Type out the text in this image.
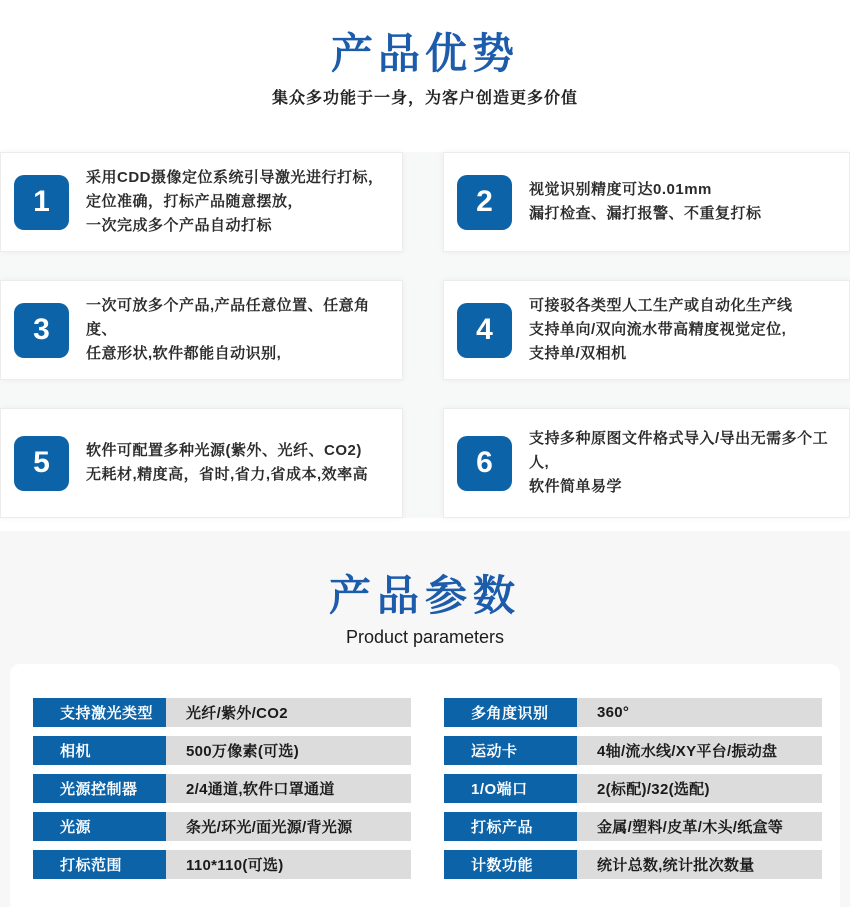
产品优势
集众多功能于一身，为客户创造更多价值
1
采用CDD摄像定位系统引导激光进行打标，
定位准确，打标产品随意摆放，
一次完成多个产品自动打标
2	视觉识别精度可达0.01mm
漏打检查、漏打报警、不重复打标
3
一次可放多个产品,产品任意位置、任意角度、
任意形状,软件都能自动识别,
4
可接驳各类型人工生产或自动化生产线
支持单向/双向流水带高精度视觉定位,
支持单/双相机
5	软件可配置多种光源(紫外、光纤、CO2)
无耗材,精度高，省时,省力,省成本,效率高	6
支持多种原图文件格式导入/导出无需多个工人,
软件简单易学
产品参数
Product parameters
支持激光类型	光纤/紫外/CO2
相机	500万像素(可选)
光源控制器	2/4通道,软件口罩通道
光源	条光/环光/面光源/背光源
打标范围	110*110(可选)
多角度识别	360°
运动卡	4轴/流水线/XY平台/振动盘
1/O端口	2(标配)/32(选配)
打标产品	金属/塑料/皮革/木头/纸盒等
计数功能	统计总数,统计批次数量
